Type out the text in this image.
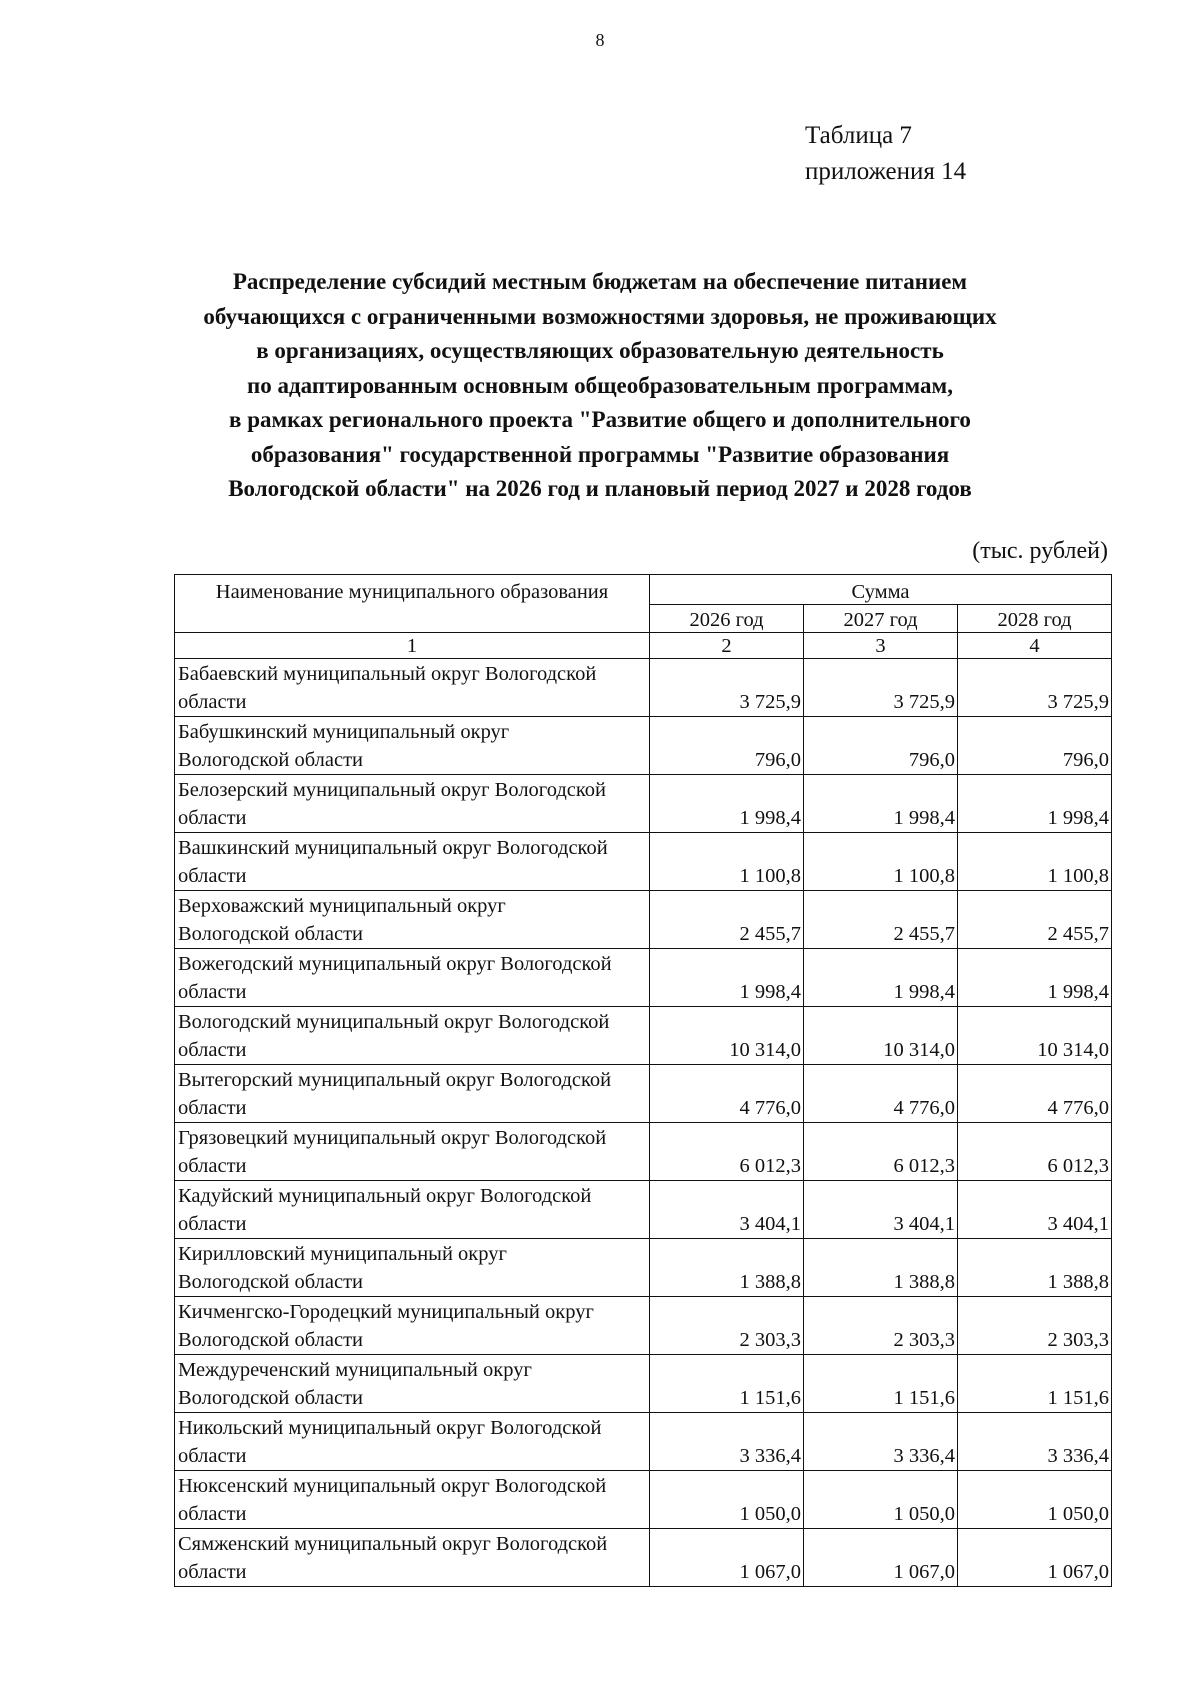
8
Таблица 7
приложения 14
Распределение субсидий местным бюджетам на обеспечение питанием
обучающихся с ограниченными возможностями здоровья, не проживающих
в организациях, осуществляющих образовательную деятельность
по адаптированным основным общеобразовательным программам,
в рамках регионального проекта "Развитие общего и дополнительного
образования" государственной программы "Развитие образования
Вологодской области" на 2026 год и плановый период 2027 и 2028 годов
(тыс. рублей)
Наименование муниципального образования	Сумма		
	2026 год	2027 год	2028 год
1	2	3	4

Бабаевский муниципальный округ Вологодской
области	3 725,9	3 725,9	3 725,9

Бабушкинский муниципальный округ
Вологодской области	796,0	796,0	796,0

Белозерский муниципальный округ Вологодской
области	1 998,4	1 998,4	1 998,4

Вашкинский муниципальный округ Вологодской
области	1 100,8	1 100,8	1 100,8

Верховажский муниципальный округ
Вологодской области	2 455,7	2 455,7	2 455,7

Вожегодский муниципальный округ Вологодской
области	1 998,4	1 998,4	1 998,4

Вологодский муниципальный округ Вологодской
области	10 314,0	10 314,0	10 314,0

Вытегорский муниципальный округ Вологодской
области	4 776,0	4 776,0	4 776,0

Грязовецкий муниципальный округ Вологодской
области	6 012,3	6 012,3	6 012,3

Кадуйский муниципальный округ Вологодской
области	3 404,1	3 404,1	3 404,1

Кирилловский муниципальный округ
Вологодской области	1 388,8	1 388,8	1 388,8

Кичменгско-Городецкий муниципальный округ
Вологодской области	2 303,3	2 303,3	2 303,3

Междуреченский муниципальный округ
Вологодской области	1 151,6	1 151,6	1 151,6

Никольский муниципальный округ Вологодской
области	3 336,4	3 336,4	3 336,4

Нюксенский муниципальный округ Вологодской
области	1 050,0	1 050,0	1 050,0

Сямженский муниципальный округ Вологодской
области	1 067,0	1 067,0	1 067,0
